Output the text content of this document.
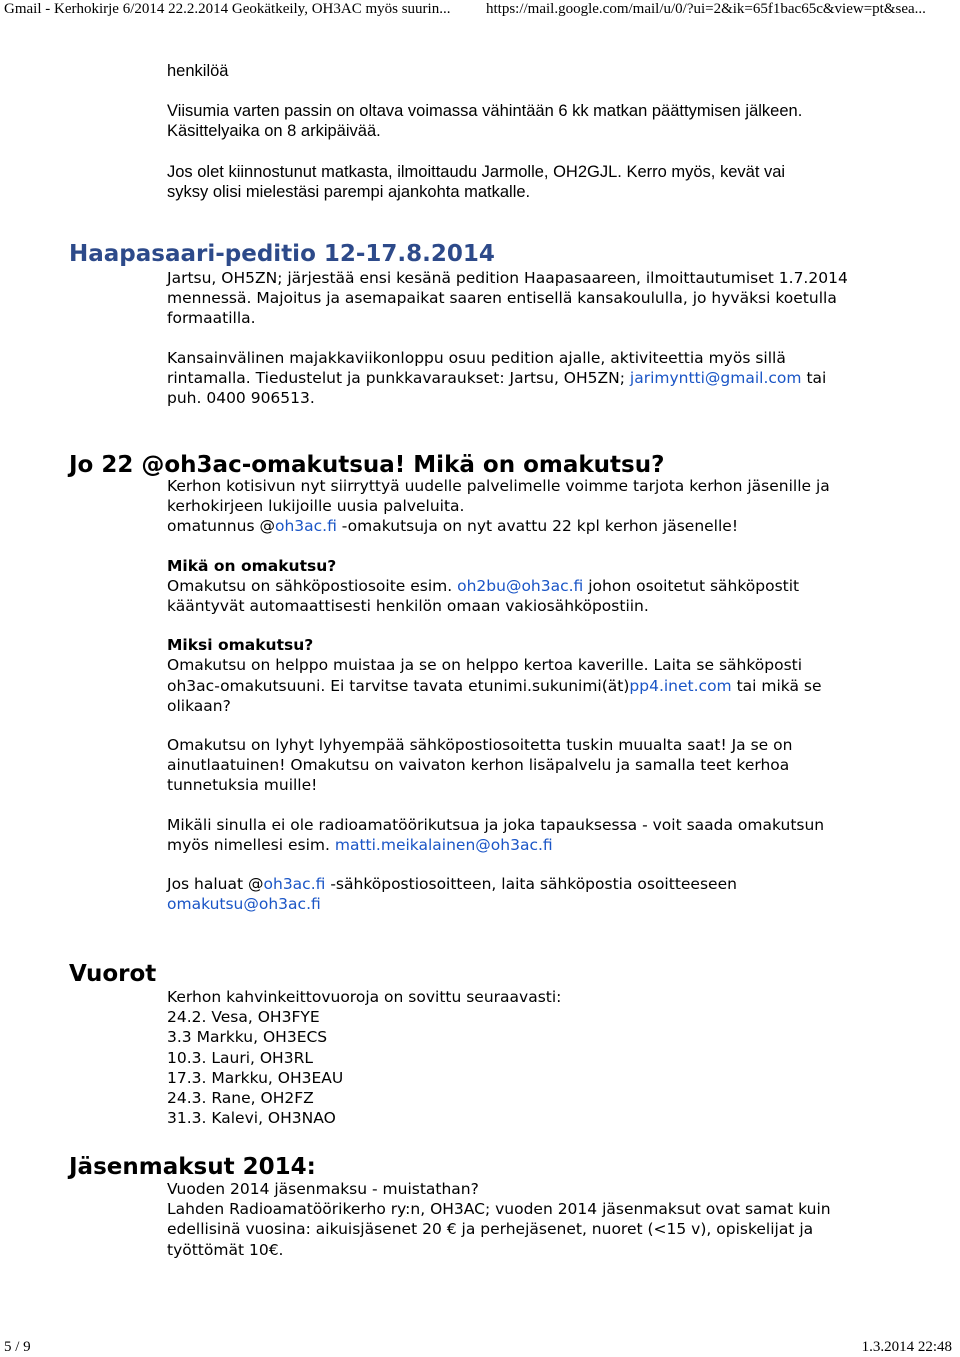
Gmail - Kerhokirje 6/2014 22.2.2014 Geokätkeily, OH3AC myös suurin... https://mail.google.com/mail/u/0/?ui=2&ik=65f1bac65c&view=pt&sea...

henkilöä

Viisumia varten passin on oltava voimassa vähintään 6 kk matkan päättymisen jälkeen.

Käsittelyaika on 8 arkipäivää.

Jos olet kiinnostunut matkasta, ilmoittaudu Jarmolle, OH2GJL. Kerro myös, kevät vai

syksy olisi mielestäsi parempi ajankohta matkalle.

Haapasaari-peditio 12-17.8.2014

Jartsu, OH5ZN; järjestää ensi kesänä pedition Haapasaareen, ilmoittautumiset 1.7.2014

mennessä. Majoitus ja asemapaikat saaren entisellä kansakoululla, jo hyväksi koetulla

formaatilla.

Kansainvälinen majakkaviikonloppu osuu pedition ajalle, aktiviteettia myös sillä

rintamalla. Tiedustelut ja punkkavaraukset: Jartsu, OH5ZN; jarimyntti@gmail.com tai

puh. 0400 906513.

Jo 22 @oh3ac-omakutsua! Mikä on omakutsu?

Kerhon kotisivun nyt siirryttyä uudelle palvelimelle voimme tarjota kerhon jäsenille ja

kerhokirjeen lukijoille uusia palveluita.

omatunnus @oh3ac.fi -omakutsuja on nyt avattu 22 kpl kerhon jäsenelle!

Mikä on omakutsu?

Omakutsu on sähköpostiosoite esim. oh2bu@oh3ac.fi johon osoitetut sähköpostit

kääntyvät automaattisesti henkilön omaan vakiosähköpostiin.

Miksi omakutsu?

Omakutsu on helppo muistaa ja se on helppo kertoa kaverille. Laita se sähköposti

oh3ac-omakutsuuni. Ei tarvitse tavata etunimi.sukunimi(ät)pp4.inet.com tai mikä se

olikaan?

Omakutsu on lyhyt lyhyempää sähköpostiosoitetta tuskin muualta saat! Ja se on

ainutlaatuinen! Omakutsu on vaivaton kerhon lisäpalvelu ja samalla teet kerhoa

tunnetuksia muille!

Mikäli sinulla ei ole radioamatöörikutsua ja joka tapauksessa - voit saada omakutsun

myös nimellesi esim. matti.meikalainen@oh3ac.fi

Jos haluat @oh3ac.fi -sähköpostiosoitteen, laita sähköpostia osoitteeseen

omakutsu@oh3ac.fi

Vuorot

Kerhon kahvinkeittovuoroja on sovittu seuraavasti:

24.2. Vesa, OH3FYE

3.3 Markku, OH3ECS

10.3. Lauri, OH3RL

17.3. Markku, OH3EAU

24.3. Rane, OH2FZ

31.3. Kalevi, OH3NAO

Jäsenmaksut 2014:

Vuoden 2014 jäsenmaksu - muistathan?

Lahden Radioamatöörikerho ry:n, OH3AC; vuoden 2014 jäsenmaksut ovat samat kuin

edellisinä vuosina: aikuisjäsenet 20 € ja perhejäsenet, nuoret (<15 v), opiskelijat ja

työttömät 10€.

5 / 9	1.3.2014 22:48
